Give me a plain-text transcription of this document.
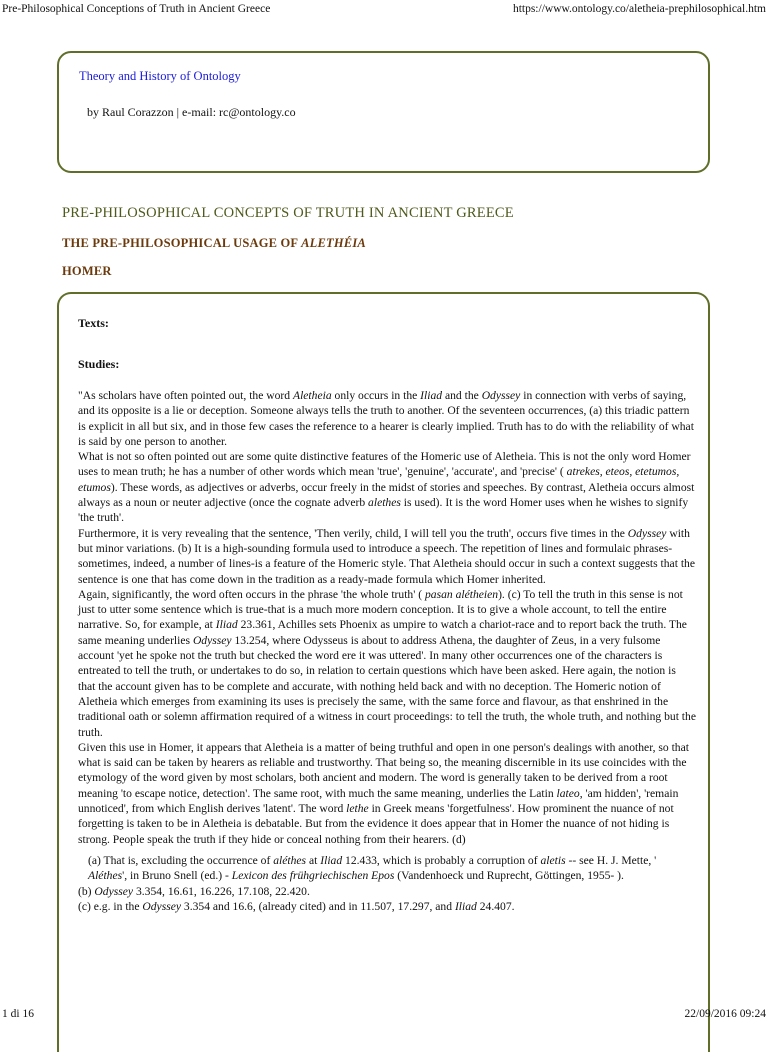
Pre-Philosophical Conceptions of Truth in Ancient Greece	https://www.ontology.co/aletheia-prephilosophical.htm
Theory and History of Ontology
by Raul Corazzon | e-mail: rc@ontology.co
PRE-PHILOSOPHICAL CONCEPTS OF TRUTH IN ANCIENT GREECE
THE PRE-PHILOSOPHICAL USAGE OF ALETHÉIA
HOMER

Texts:

Studies:

"As scholars have often pointed out, the word Aletheia only occurs in the Iliad and the Odyssey in connection with verbs of saying, and its opposite is a lie or deception. Someone always tells the truth to another. Of the seventeen occurrences, (a) this triadic pattern is explicit in all but six, and in those few cases the reference to a hearer is clearly implied. Truth has to do with the reliability of what is said by one person to another.

What is not so often pointed out are some quite distinctive features of the Homeric use of Aletheia. This is not the only word Homer uses to mean truth; he has a number of other words which mean 'true', 'genuine', 'accurate', and 'precise' ( atrekes, eteos, etetumos, etumos). These words, as adjectives or adverbs, occur freely in the midst of stories and speeches. By contrast, Aletheia occurs almost always as a noun or neuter adjective (once the cognate adverb alethes is used). It is the word Homer uses when he wishes to signify 'the truth'.

Furthermore, it is very revealing that the sentence, 'Then verily, child, I will tell you the truth', occurs five times in the Odyssey with but minor variations. (b) It is a high-sounding formula used to introduce a speech. The repetition of lines and formulaic phrases-sometimes, indeed, a number of lines-is a feature of the Homeric style. That Aletheia should occur in such a context suggests that the sentence is one that has come down in the tradition as a ready-made formula which Homer inherited.

Again, significantly, the word often occurs in the phrase 'the whole truth' ( pasan alétheien). (c) To tell the truth in this sense is not just to utter some sentence which is true-that is a much more modern conception. It is to give a whole account, to tell the entire narrative. So, for example, at Iliad 23.361, Achilles sets Phoenix as umpire to watch a chariot-race and to report back the truth. The same meaning underlies Odyssey 13.254, where Odysseus is about to address Athena, the daughter of Zeus, in a very fulsome account 'yet he spoke not the truth but checked the word ere it was uttered'. In many other occurrences one of the characters is entreated to tell the truth, or undertakes to do so, in relation to certain questions which have been asked. Here again, the notion is that the account given has to be complete and accurate, with nothing held back and with no deception. The Homeric notion of Aletheia which emerges from examining its uses is precisely the same, with the same force and flavour, as that enshrined in the traditional oath or solemn affirmation required of a witness in court proceedings: to tell the truth, the whole truth, and nothing but the truth.

Given this use in Homer, it appears that Aletheia is a matter of being truthful and open in one person's dealings with another, so that what is said can be taken by hearers as reliable and trustworthy. That being so, the meaning discernible in its use coincides with the etymology of the word given by most scholars, both ancient and modern. The word is generally taken to be derived from a root meaning 'to escape notice, detection'. The same root, with much the same meaning, underlies the Latin lateo, 'am hidden', 'remain unnoticed', from which English derives 'latent'. The word lethe in Greek means 'forgetfulness'. How prominent the nuance of not forgetting is taken to be in Aletheia is debatable. But from the evidence it does appear that in Homer the nuance of not hiding is strong. People speak the truth if they hide or conceal nothing from their hearers. (d)

(a) That is, excluding the occurrence of aléthes at Iliad 12.433, which is probably a corruption of aletis -- see H. J. Mette, ' Aléthes', in Bruno Snell (ed.) - Lexicon des frühgriechischen Epos (Vandenhoeck und Ruprecht, Göttingen, 1955- ).

(b) Odyssey 3.354, 16.61, 16.226, 17.108, 22.420.

(c) e.g. in the Odyssey 3.354 and 16.6, (already cited) and in 11.507, 17.297, and Iliad 24.407.

1 di 16	22/09/2016 09:24
